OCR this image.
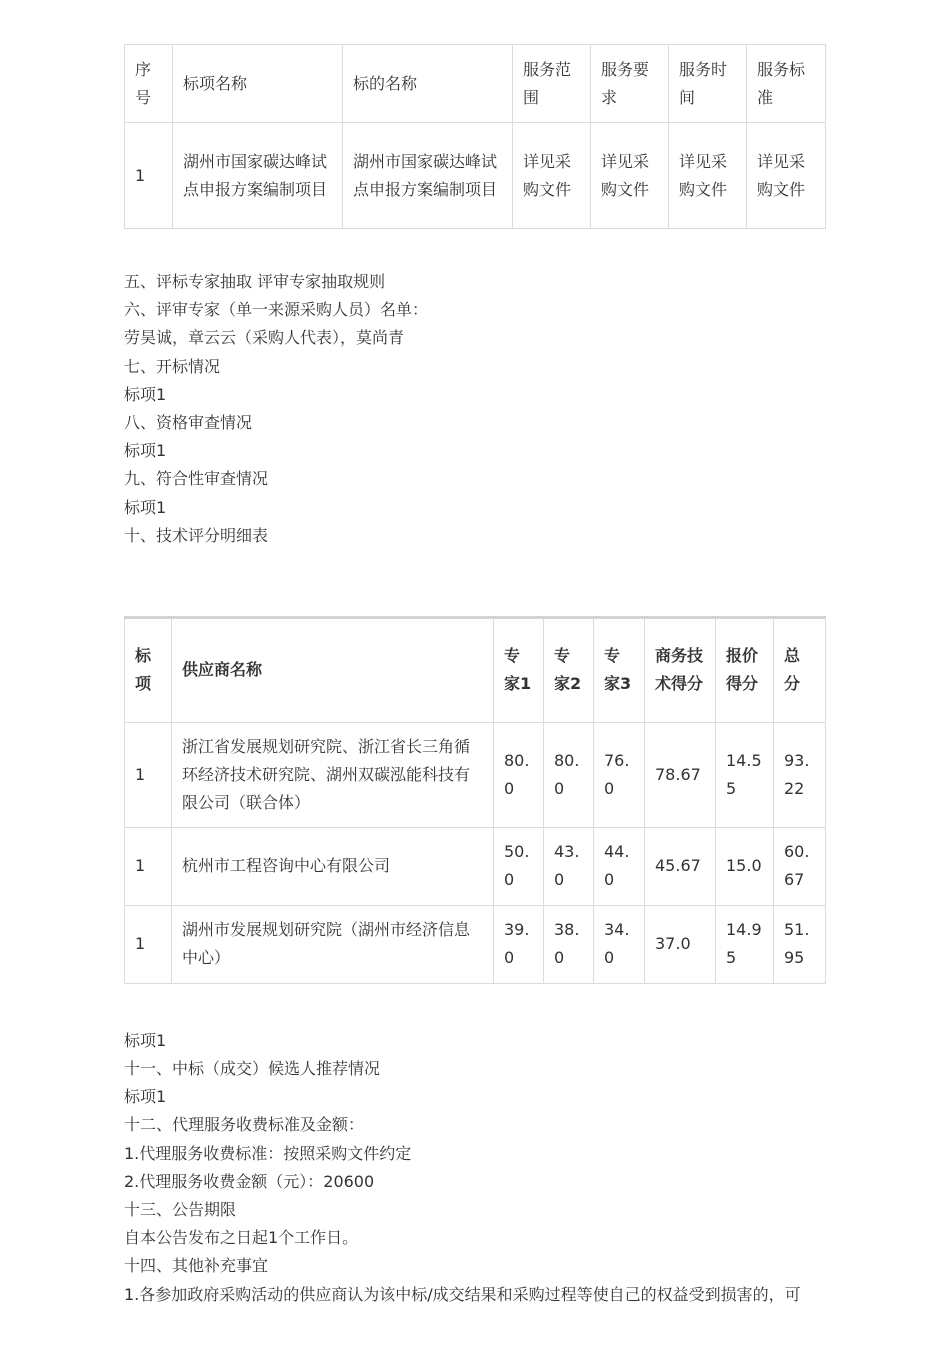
序号	标项名称	标的名称	服务范围	服务要求	服务时间	服务标准
1	湖州市国家碳达峰试点申报方案编制项目	湖州市国家碳达峰试点申报方案编制项目	详见采购文件	详见采购文件	详见采购文件	详见采购文件
五、评标专家抽取 评审专家抽取规则
六、评审专家（单一来源采购人员）名单：
劳昊诚，章云云（采购人代表），莫尚青
七、开标情况
标项1
八、资格审查情况
标项1
九、符合性审查情况
标项1
十、技术评分明细表
标项	供应商名称	专家1	专家2	专家3	商务技术得分	报价得分	总分
1	浙江省发展规划研究院、浙江省长三角循环经济技术研究院、湖州双碳泓能科技有限公司（联合体）	80.0	80.0	76.0	78.67	14.55	93.22
1	杭州市工程咨询中心有限公司	50.0	43.0	44.0	45.67	15.0	60.67
1	湖州市发展规划研究院（湖州市经济信息中心）	39.0	38.0	34.0	37.0	14.95	51.95
标项1
十一、中标（成交）候选人推荐情况
标项1
十二、代理服务收费标准及金额：
1.代理服务收费标准：按照采购文件约定
2.代理服务收费金额（元）：20600
十三、公告期限
自本公告发布之日起1个工作日。
十四、其他补充事宜
1.各参加政府采购活动的供应商认为该中标/成交结果和采购过程等使自己的权益受到损害的，可
